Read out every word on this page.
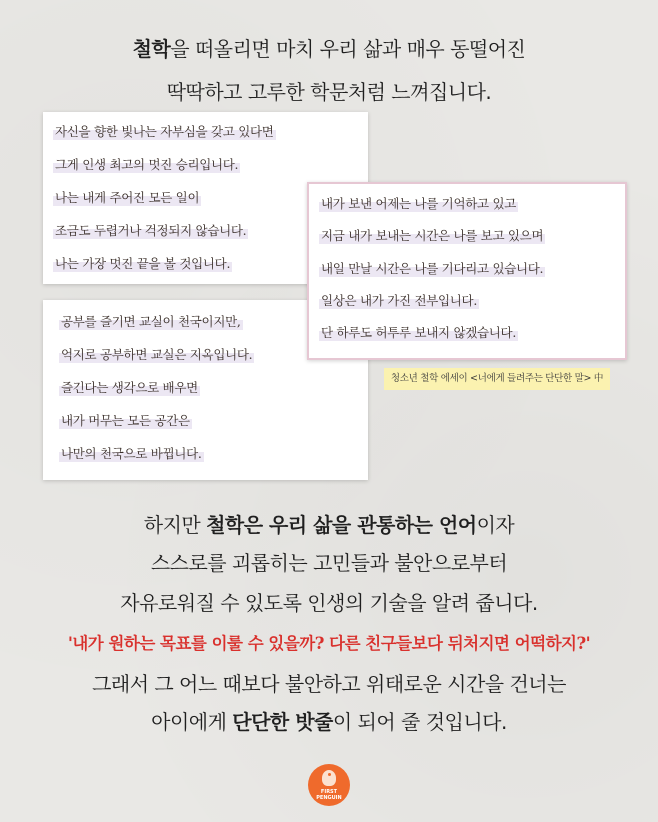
철학을 떠올리면 마치 우리 삶과 매우 동떨어진
딱딱하고 고루한 학문처럼 느껴집니다.
자신을 향한 빛나는 자부심을 갖고 있다면
그게 인생 최고의 멋진 승리입니다.
나는 내게 주어진 모든 일이
조금도 두렵거나 걱정되지 않습니다.
나는 가장 멋진 끝을 볼 것입니다.
공부를 즐기면 교실이 천국이지만,
억지로 공부하면 교실은 지옥입니다.
즐긴다는 생각으로 배우면
내가 머무는 모든 공간은
나만의 천국으로 바뀝니다.
내가 보낸 어제는 나를 기억하고 있고
지금 내가 보내는 시간은 나를 보고 있으며
내일 만날 시간은 나를 기다리고 있습니다.
일상은 내가 가진 전부입니다.
단 하루도 허투루 보내지 않겠습니다.
청소년 철학 에세이 <너에게 들려주는 단단한 말> 中
하지만 철학은 우리 삶을 관통하는 언어이자
스스로를 괴롭히는 고민들과 불안으로부터
자유로워질 수 있도록 인생의 기술을 알려 줍니다.
'내가 원하는 목표를 이룰 수 있을까? 다른 친구들보다 뒤처지면 어떡하지?'
그래서 그 어느 때보다 불안하고 위태로운 시간을 건너는
아이에게 단단한 밧줄이 되어 줄 것입니다.
FIRST
PENGUIN
